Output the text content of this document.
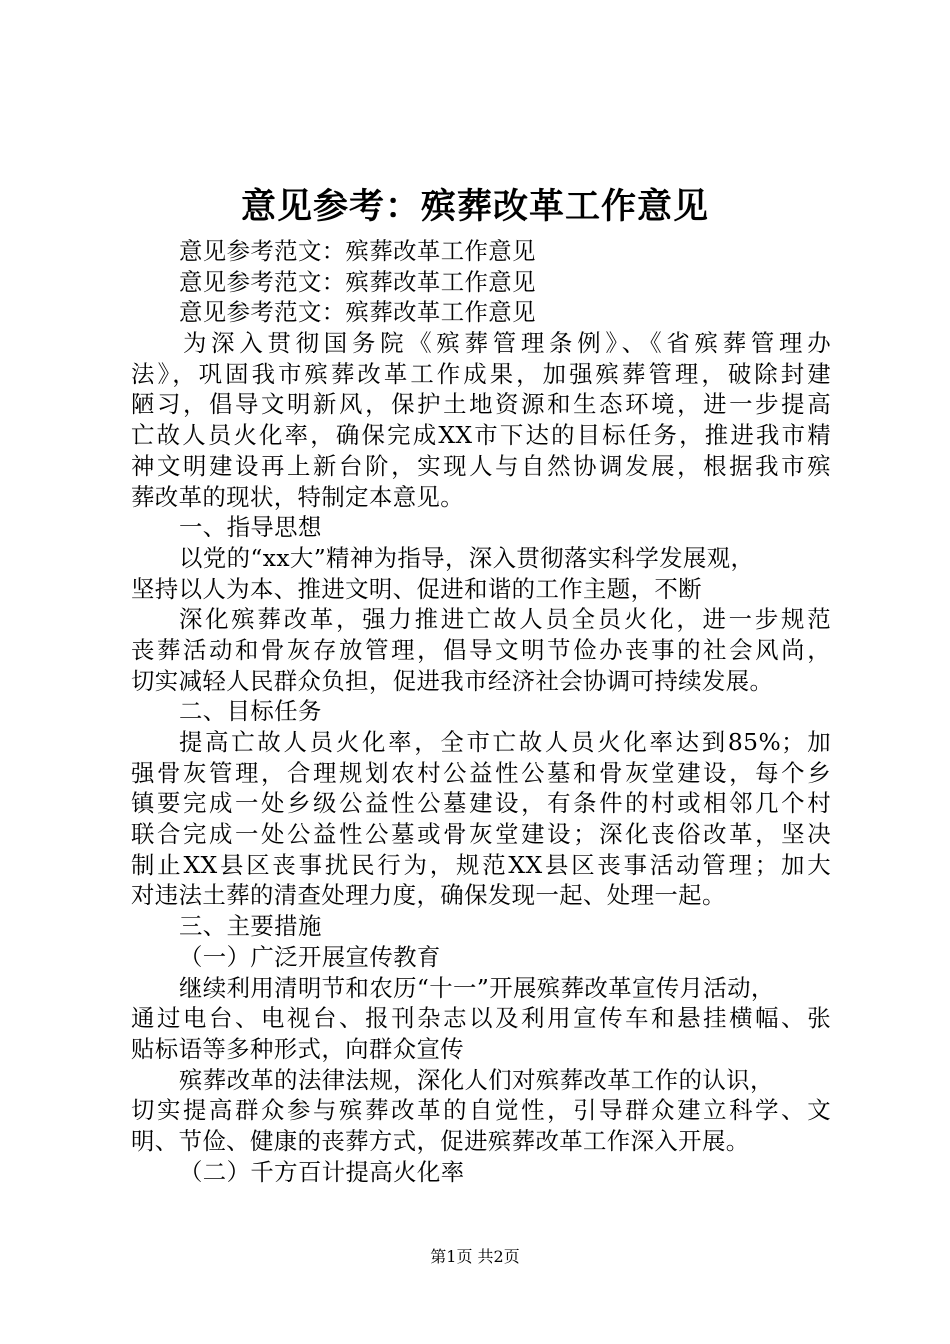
意见参考：殡葬改革工作意见
意见参考范文：殡葬改革工作意见
意见参考范文：殡葬改革工作意见
意见参考范文：殡葬改革工作意见
为深入贯彻国务院《殡葬管理条例》、《省殡葬管理办
法》，巩固我市殡葬改革工作成果，加强殡葬管理，破除封建
陋习，倡导文明新风，保护土地资源和生态环境，进一步提高
亡故人员火化率，确保完成XX市下达的目标任务，推进我市精
神文明建设再上新台阶，实现人与自然协调发展，根据我市殡
葬改革的现状，特制定本意见。
一、指导思想
以党的“xx大”精神为指导，深入贯彻落实科学发展观，
坚持以人为本、推进文明、促进和谐的工作主题，不断
深化殡葬改革，强力推进亡故人员全员火化，进一步规范
丧葬活动和骨灰存放管理，倡导文明节俭办丧事的社会风尚，
切实减轻人民群众负担，促进我市经济社会协调可持续发展。
二、目标任务
提高亡故人员火化率，全市亡故人员火化率达到85%；加
强骨灰管理，合理规划农村公益性公墓和骨灰堂建设，每个乡
镇要完成一处乡级公益性公墓建设，有条件的村或相邻几个村
联合完成一处公益性公墓或骨灰堂建设；深化丧俗改革，坚决
制止XX县区丧事扰民行为，规范XX县区丧事活动管理；加大
对违法土葬的清查处理力度，确保发现一起、处理一起。
三、主要措施
（一）广泛开展宣传教育
继续利用清明节和农历“十一”开展殡葬改革宣传月活动，
通过电台、电视台、报刊杂志以及利用宣传车和悬挂横幅、张
贴标语等多种形式，向群众宣传
殡葬改革的法律法规，深化人们对殡葬改革工作的认识，
切实提高群众参与殡葬改革的自觉性，引导群众建立科学、文
明、节俭、健康的丧葬方式，促进殡葬改革工作深入开展。
（二）千方百计提高火化率
第1页 共2页
